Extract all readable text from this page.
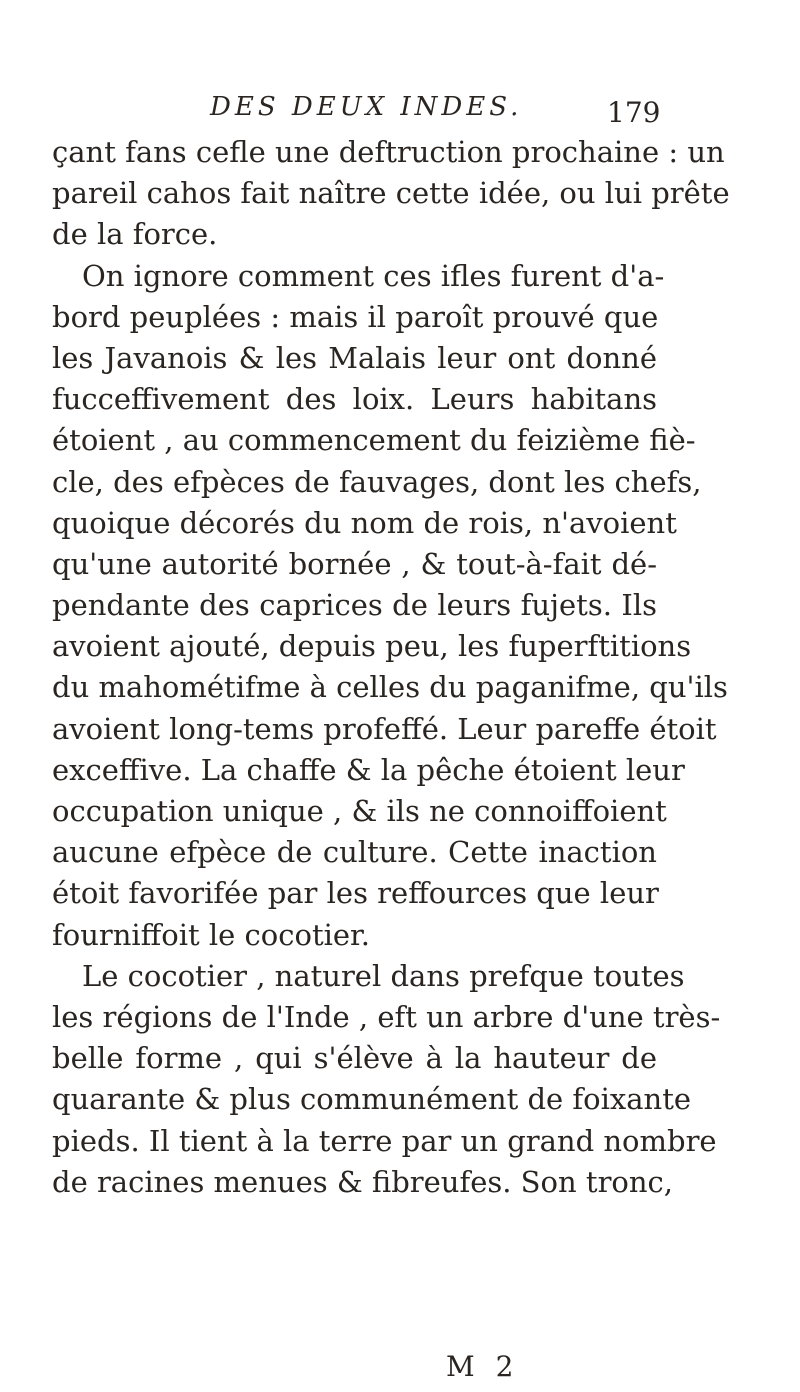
DES DEUX INDES.	179
çant fans cefle une deftruction prochaine : un
pareil cahos fait naître cette idée, ou lui prête
de la force.
On ignore comment ces ifles furent d'a-
bord peuplées : mais il paroît prouvé que
les Javanois & les Malais leur ont donné
fucceffivement des loix. Leurs habitans
étoient , au commencement du feizième fiè-
cle, des efpèces de fauvages, dont les chefs,
quoique décorés du nom de rois, n'avoient
qu'une autorité bornée , & tout-à-fait dé-
pendante des caprices de leurs fujets. Ils
avoient ajouté, depuis peu, les fuperftitions
du mahométifme à celles du paganifme, qu'ils
avoient long-tems profeffé. Leur pareffe étoit
exceffive. La chaffe & la pêche étoient leur
occupation unique , & ils ne connoiffoient
aucune efpèce de culture. Cette inaction
étoit favorifée par les reffources que leur
fourniffoit le cocotier.
Le cocotier , naturel dans prefque toutes
les régions de l'Inde , eft un arbre d'une très-
belle forme , qui s'élève à la hauteur de
quarante & plus communément de foixante
pieds. Il tient à la terre par un grand nombre
de racines menues & fibreufes. Son tronc,
M 2
